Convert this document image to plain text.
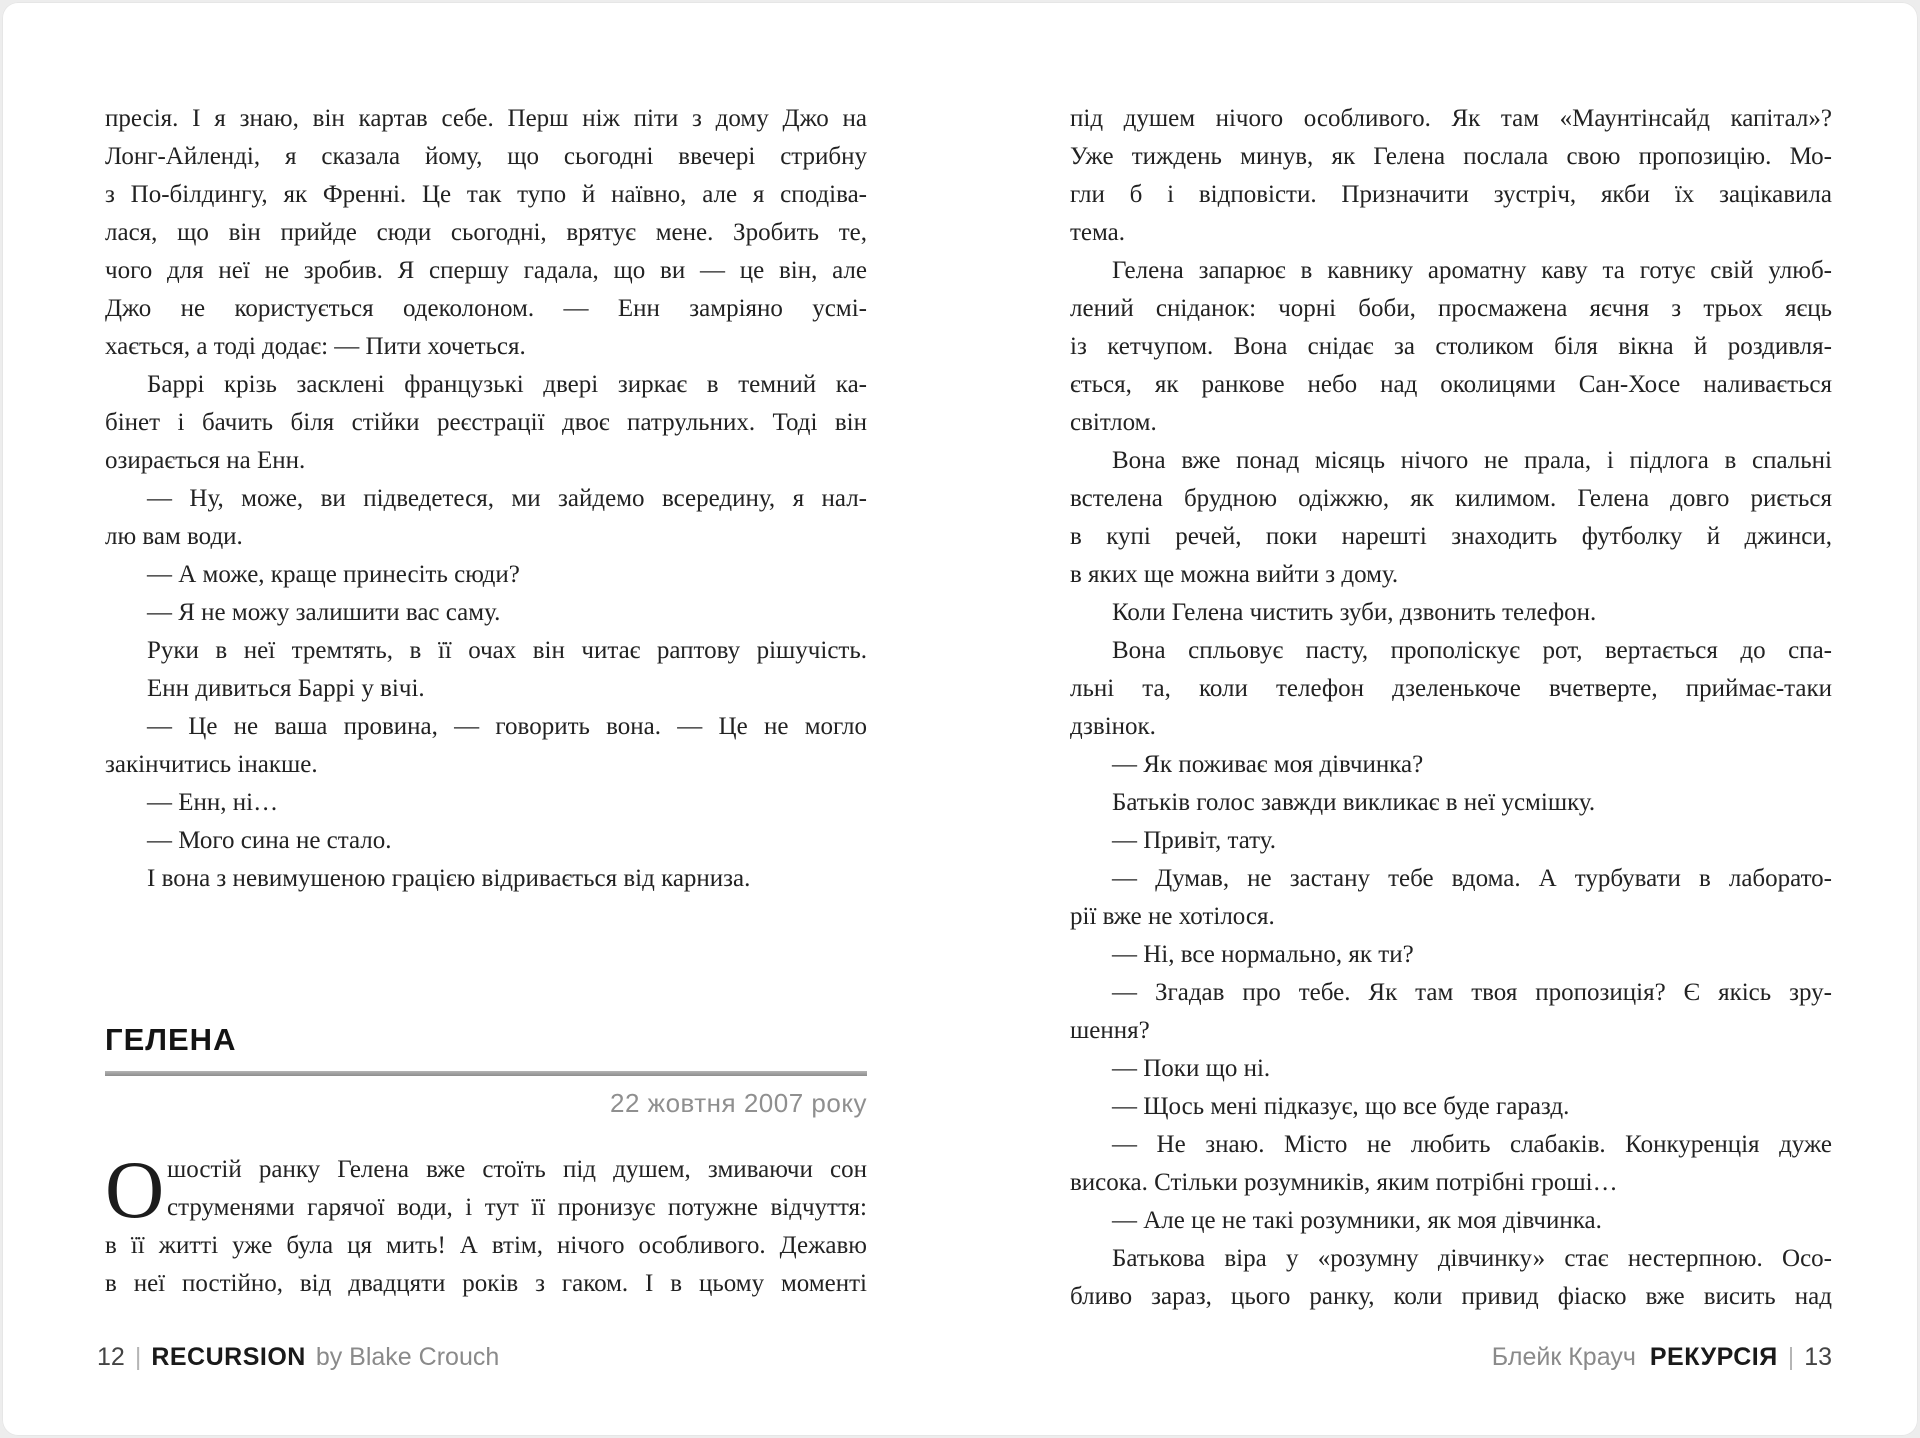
пресія. І я знаю, він картав себе. Перш ніж піти з дому Джо на
Лонг-Айленді, я сказала йому, що сьогодні ввечері стрибну
з По-білдингу, як Френні. Це так тупо й наївно, але я сподіва-
лася, що він прийде сюди сьогодні, врятує мене. Зробить те,
чого для неї не зробив. Я спершу гадала, що ви — це він, але
Джо не користується одеколоном. — Енн замріяно усмі-
хається, а тоді додає: — Пити хочеться.
Баррі крізь засклені французькі двері зиркає в темний ка-
бінет і бачить біля стійки реєстрації двоє патрульних. Тоді він
озирається на Енн.
— Ну, може, ви підведетеся, ми зайдемо всередину, я нал-
лю вам води.
— А може, краще принесіть сюди?
— Я не можу залишити вас саму.
Руки в неї тремтять, в її очах він читає раптову рішучість.
Енн дивиться Баррі у вічі.
— Це не ваша провина, — говорить вона. — Це не могло
закінчитись інакше.
— Енн, ні…
— Мого сина не стало.
І вона з невимушеною грацією відривається від карниза.
ГЕЛЕНА
22 жовтня 2007 року
О шостій ранку Гелена вже стоїть під душем, змиваючи сон
струменями гарячої води, і тут її пронизує потужне відчуття:
в її житті уже була ця мить! А втім, нічого особливого. Дежавю
в неї постійно, від двадцяти років з гаком. І в цьому моменті
під душем нічого особливого. Як там «Маунтінсайд капітал»?
Уже тиждень минув, як Гелена послала свою пропозицію. Мо-
гли б і відповісти. Призначити зустріч, якби їх зацікавила
тема.
Гелена запарює в кавнику ароматну каву та готує свій улюб-
лений сніданок: чорні боби, просмажена яєчня з трьох яєць
із кетчупом. Вона снідає за столиком біля вікна й роздивля-
ється, як ранкове небо над околицями Сан-Хосе наливається
світлом.
Вона вже понад місяць нічого не прала, і підлога в спальні
встелена брудною одіжжю, як килимом. Гелена довго риється
в купі речей, поки нарешті знаходить футболку й джинси,
в яких ще можна вийти з дому.
Коли Гелена чистить зуби, дзвонить телефон.
Вона спльовує пасту, прополіскує рот, вертається до спа-
льні та, коли телефон дзеленькоче вчетверте, приймає-таки
дзвінок.
— Як поживає моя дівчинка?
Батьків голос завжди викликає в неї усмішку.
— Привіт, тату.
— Думав, не застану тебе вдома. А турбувати в лаборато-
рії вже не хотілося.
— Ні, все нормально, як ти?
— Згадав про тебе. Як там твоя пропозиція? Є якісь зру-
шення?
— Поки що ні.
— Щось мені підказує, що все буде гаразд.
— Не знаю. Місто не любить слабаків. Конкуренція дуже
висока. Стільки розумників, яким потрібні гроші…
— Але це не такі розумники, як моя дівчинка.
Батькова віра у «розумну дівчинку» стає нестерпною. Осо-
бливо зараз, цього ранку, коли привид фіаско вже висить над
12 | RECURSION by Blake Crouch	Блейк Крауч РЕКУРСІЯ | 13
